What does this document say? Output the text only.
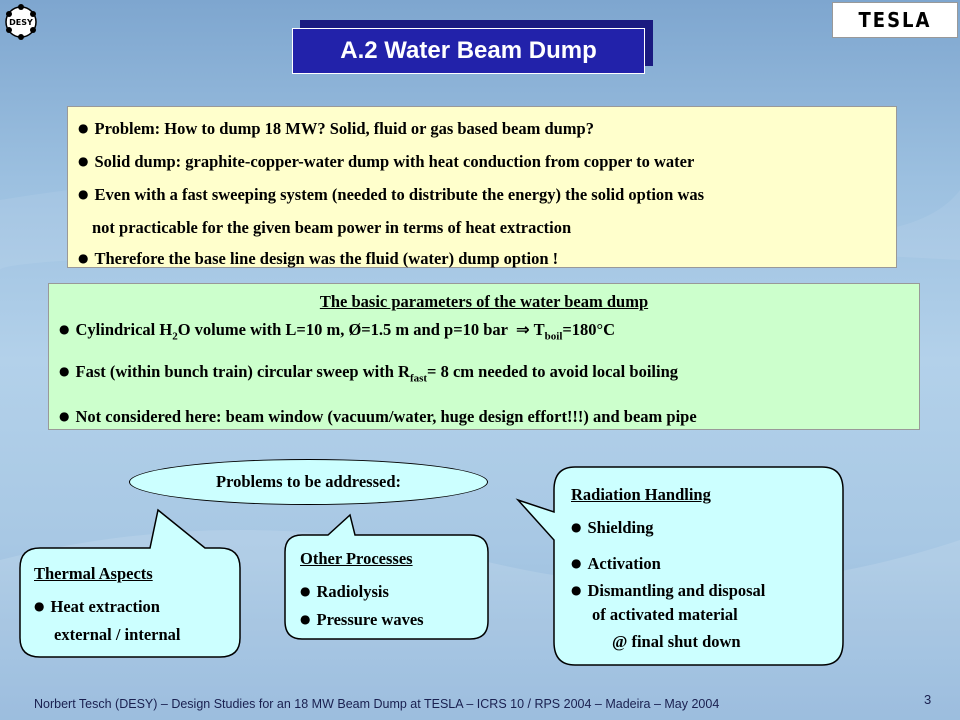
DESY	TESLA
A.2 Water Beam Dump

● Problem: How to dump 18 MW? Solid, fluid or gas based beam dump?

● Solid dump: graphite-copper-water dump with heat conduction from copper to water

● Even with a fast sweeping system (needed to distribute the energy) the solid option was

not practicable for the given beam power in terms of heat extraction

● Therefore the base line design was the fluid (water) dump option !

The basic parameters of the water beam dump

● Cylindrical $H_2O$ volume with L=10 m, Ø=1.5 m and p=10 bar ⇒ $T_{boil}=180^\circ C$

● Fast (within bunch train) circular sweep with $R_{fast}= 8$ cm needed to avoid local boiling

● Not considered here: beam window (vacuum/water, huge design effort!!!) and beam pipe

Problems to be addressed:
Thermal Aspects
● Heat extraction
external / internal
Other Processes
● Radiolysis
● Pressure waves
Radiation Handling
● Shielding
● Activation
● Dismantling and disposal
of activated material
@ final shut down
Norbert Tesch (DESY) – Design Studies for an 18 MW Beam Dump at TESLA – ICRS 10 / RPS 2004 – Madeira – May 2004	3
